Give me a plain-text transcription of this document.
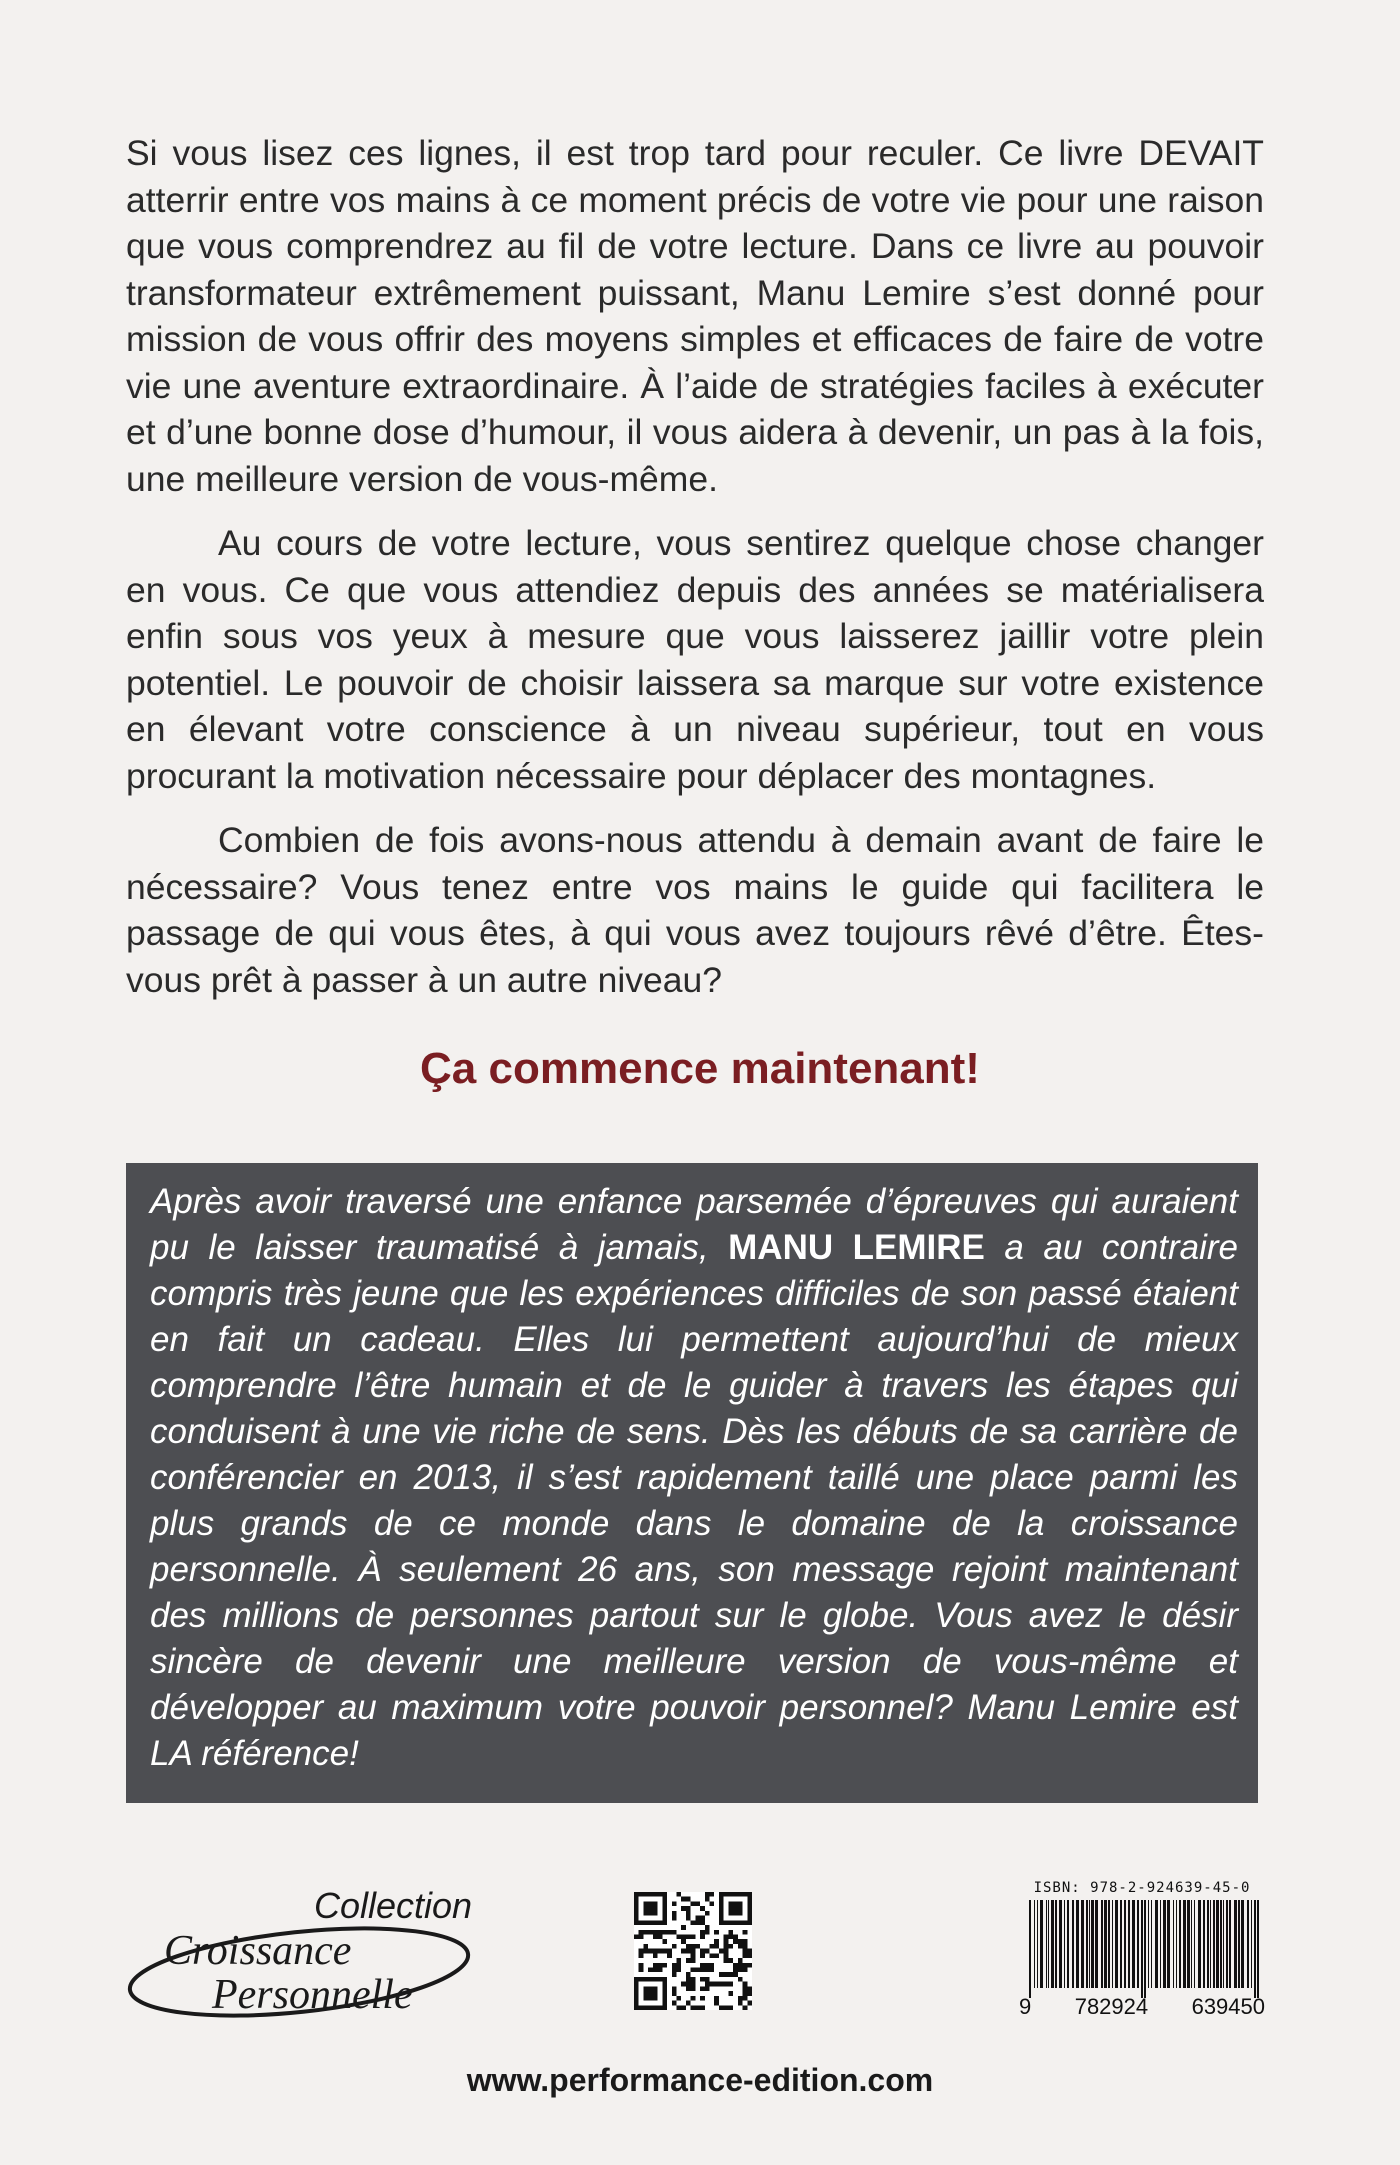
Si vous lisez ces lignes, il est trop tard pour reculer. Ce livre DEVAIT atterrir entre vos mains à ce moment précis de votre vie pour une raison que vous comprendrez au fil de votre lecture. Dans ce livre au pouvoir transformateur extrêmement puissant, Manu Lemire s’est donné pour mission de vous offrir des moyens simples et efficaces de faire de votre vie une aventure extraordinaire. À l’aide de stratégies faciles à exécuter et d’une bonne dose d’humour, il vous aidera à devenir, un pas à la fois, une meilleure version de vous-même.

Au cours de votre lecture, vous sentirez quelque chose changer en vous. Ce que vous attendiez depuis des années se matérialisera enfin sous vos yeux à mesure que vous laisserez jaillir votre plein potentiel. Le pouvoir de choisir laissera sa marque sur votre existence en élevant votre conscience à un niveau supérieur, tout en vous procurant la motivation nécessaire pour déplacer des montagnes.

Combien de fois avons-nous attendu à demain avant de faire le nécessaire? Vous tenez entre vos mains le guide qui facilitera le passage de qui vous êtes, à qui vous avez toujours rêvé d’être. Êtes-vous prêt à passer à un autre niveau?

Ça commence maintenant!

Après avoir traversé une enfance parsemée d’épreuves qui auraient pu le laisser traumatisé à jamais, MANU LEMIRE a au contraire compris très jeune que les expériences difficiles de son passé étaient en fait un cadeau. Elles lui permettent aujourd’hui de mieux comprendre l’être humain et de le guider à travers les étapes qui conduisent à une vie riche de sens. Dès les débuts de sa carrière de conférencier en 2013, il s’est rapidement taillé une place parmi les plus grands de ce monde dans le domaine de la croissance personnelle. À seulement 26 ans, son message rejoint maintenant des millions de personnes partout sur le globe. Vous avez le désir sincère de devenir une meilleure version de vous-même et développer au maximum votre pouvoir personnel? Manu Lemire est LA référence!

Collection
Croissance
Personnelle
ISBN: 978-2-924639-45-0
9 782924 639450
www.performance-edition.com
